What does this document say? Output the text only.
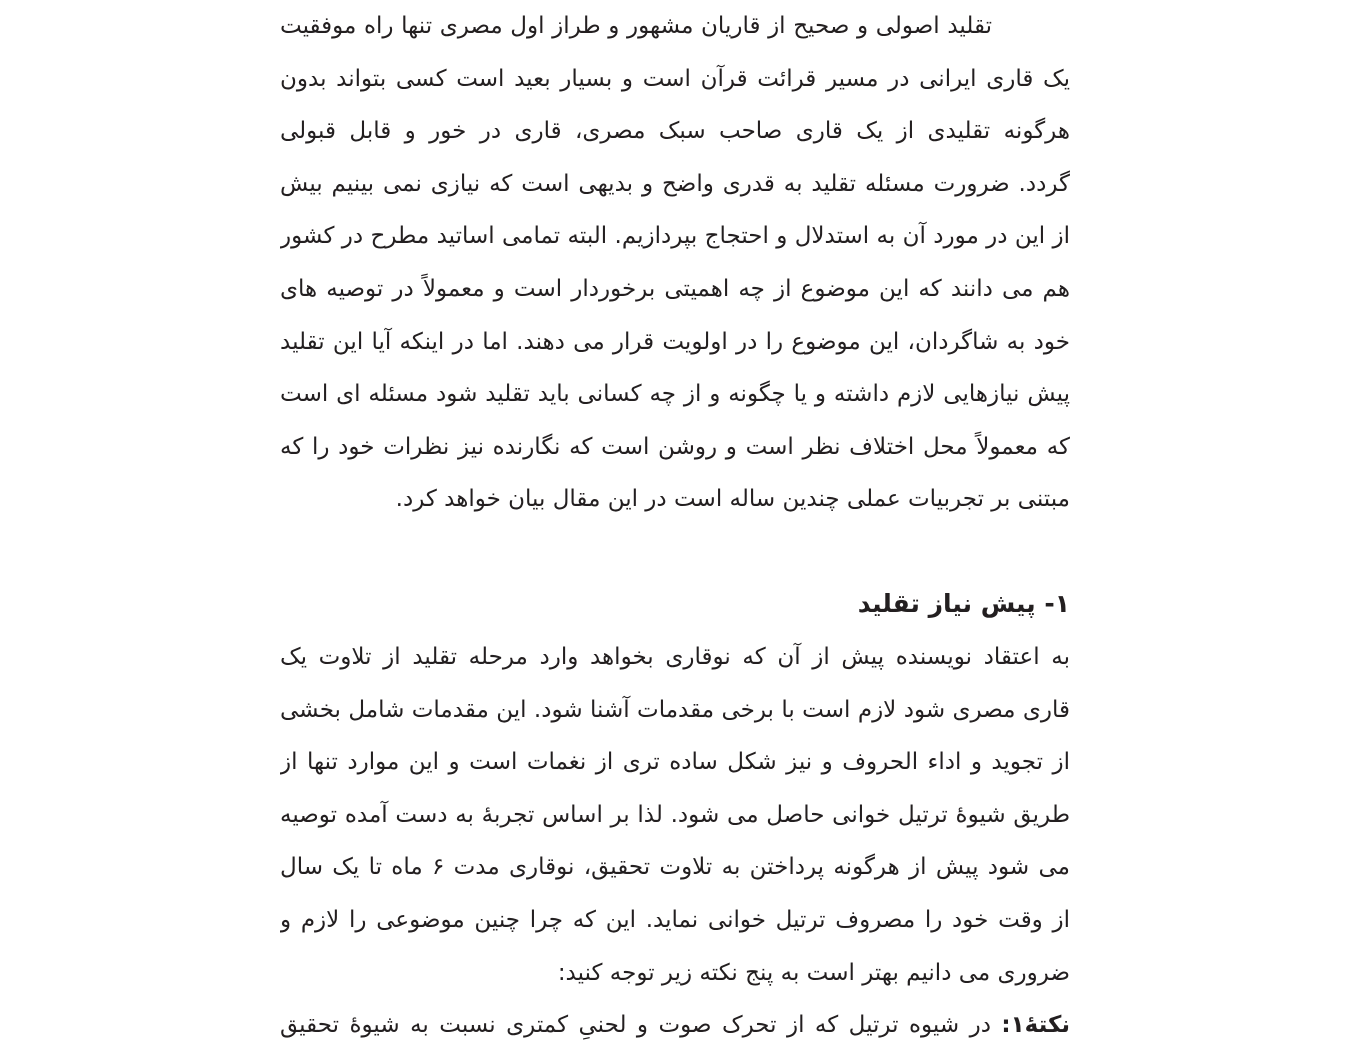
تقلید اصولی و صحیح از قاریان مشهور و طراز اول مصری تنها راه موفقیت
یک قاری ایرانی در مسیر قرائت قرآن است و بسیار بعید است کسی بتواند بدون
هرگونه تقلیدی از یک قاری صاحب سبک مصری، قاری در خور و قابل قبولی
گردد. ضرورت مسئله تقلید به قدری واضح و بدیهی است که نیازی نمی بینیم بیش
از این در مورد آن به استدلال و احتجاج بپردازیم. البته تمامی اساتید مطرح در کشور
هم می دانند که این موضوع از چه اهمیتی برخوردار است و معمولاً در توصیه های
خود به شاگردان، این موضوع را در اولویت قرار می دهند. اما در اینکه آیا این تقلید
پیش نیازهایی لازم داشته و یا چگونه و از چه کسانی باید تقلید شود مسئله ای است
که معمولاً محل اختلاف نظر است و روشن است که نگارنده نیز نظرات خود را که
مبتنی بر تجربیات عملی چندین ساله است در این مقال بیان خواهد کرد.
۱- پیش نیاز تقلید
به اعتقاد نویسنده پیش از آن که نوقاری بخواهد وارد مرحله تقلید از تلاوت یک
قاری مصری شود لازم است با برخی مقدمات آشنا شود. این مقدمات شامل بخشی
از تجوید و اداء الحروف و نیز شکل ساده تری از نغمات است و این موارد تنها از
طریق شیوهٔ ترتیل خوانی حاصل می شود. لذا بر اساس تجربهٔ به دست آمده توصیه
می شود پیش از هرگونه پرداختن به تلاوت تحقیق، نوقاری مدت ۶ ماه تا یک سال
از وقت خود را مصروف ترتیل خوانی نماید. این که چرا چنین موضوعی را لازم و
ضروری می دانیم بهتر است به پنج نکته زیر توجه کنید:
نکتهٔ۱: در شیوه ترتیل که از تحرک صوت و لحنیِ کمتری نسبت به شیوهٔ تحقیق
